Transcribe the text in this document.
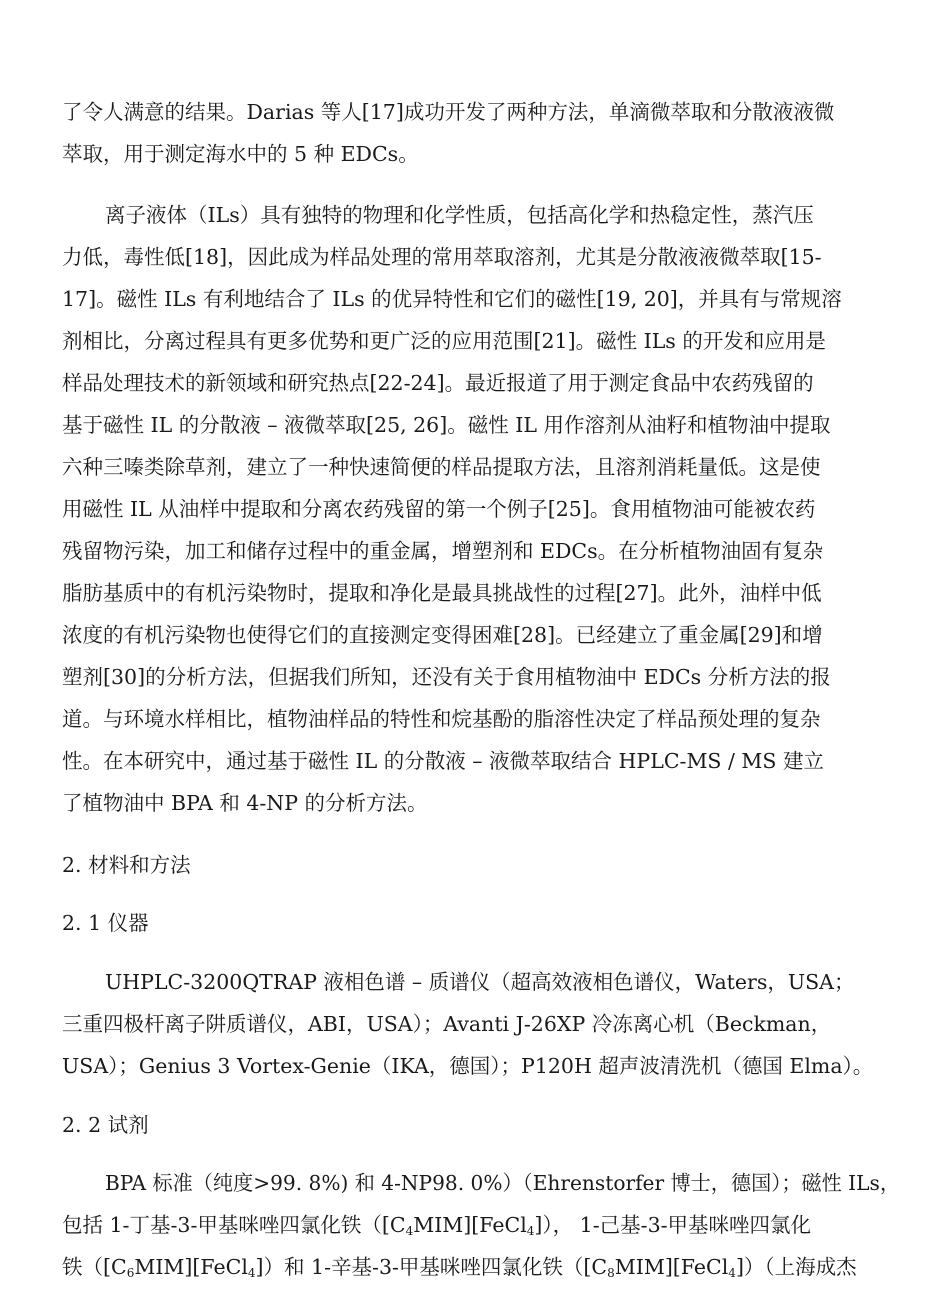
了令人满意的结果。Darias 等人[17]成功开发了两种方法，单滴微萃取和分散液液微
萃取，用于测定海水中的 5 种 EDCs。
离子液体（ILs）具有独特的物理和化学性质，包括高化学和热稳定性，蒸汽压
力低，毒性低[18]，因此成为样品处理的常用萃取溶剂，尤其是分散液液微萃取[15-
17]。磁性 ILs 有利地结合了 ILs 的优异特性和它们的磁性[19, 20]，并具有与常规溶
剂相比，分离过程具有更多优势和更广泛的应用范围[21]。磁性 ILs 的开发和应用是
样品处理技术的新领域和研究热点[22-24]。最近报道了用于测定食品中农药残留的
基于磁性 IL 的分散液 – 液微萃取[25, 26]。磁性 IL 用作溶剂从油籽和植物油中提取
六种三嗪类除草剂，建立了一种快速简便的样品提取方法，且溶剂消耗量低。这是使
用磁性 IL 从油样中提取和分离农药残留的第一个例子[25]。食用植物油可能被农药
残留物污染，加工和储存过程中的重金属，增塑剂和 EDCs。在分析植物油固有复杂
脂肪基质中的有机污染物时，提取和净化是最具挑战性的过程[27]。此外，油样中低
浓度的有机污染物也使得它们的直接测定变得困难[28]。已经建立了重金属[29]和增
塑剂[30]的分析方法，但据我们所知，还没有关于食用植物油中 EDCs 分析方法的报
道。与环境水样相比，植物油样品的特性和烷基酚的脂溶性决定了样品预处理的复杂
性。在本研究中，通过基于磁性 IL 的分散液 – 液微萃取结合 HPLC-MS / MS 建立
了植物油中 BPA 和 4-NP 的分析方法。
2. 材料和方法
2. 1 仪器
UHPLC-3200QTRAP 液相色谱 – 质谱仪（超高效液相色谱仪，Waters，USA；
三重四极杆离子阱质谱仪，ABI，USA）；Avanti J-26XP 冷冻离心机（Beckman，
USA）；Genius 3 Vortex-Genie（IKA，德国）；P120H 超声波清洗机（德国 Elma）。
2. 2 试剂
BPA 标准（纯度>99. 8%) 和 4-NP98. 0%）（Ehrenstorfer 博士，德国）；磁性 ILs，
包括 1-丁基-3-甲基咪唑四氯化铁$([C_4MIM][FeCl_4])$， 1-己基-3-甲基咪唑四氯化
铁$([C_6MIM][FeCl_4])$和 1-辛基-3-甲基咪唑四氯化铁$([C_8MIM][FeCl_4])$（上海成杰
